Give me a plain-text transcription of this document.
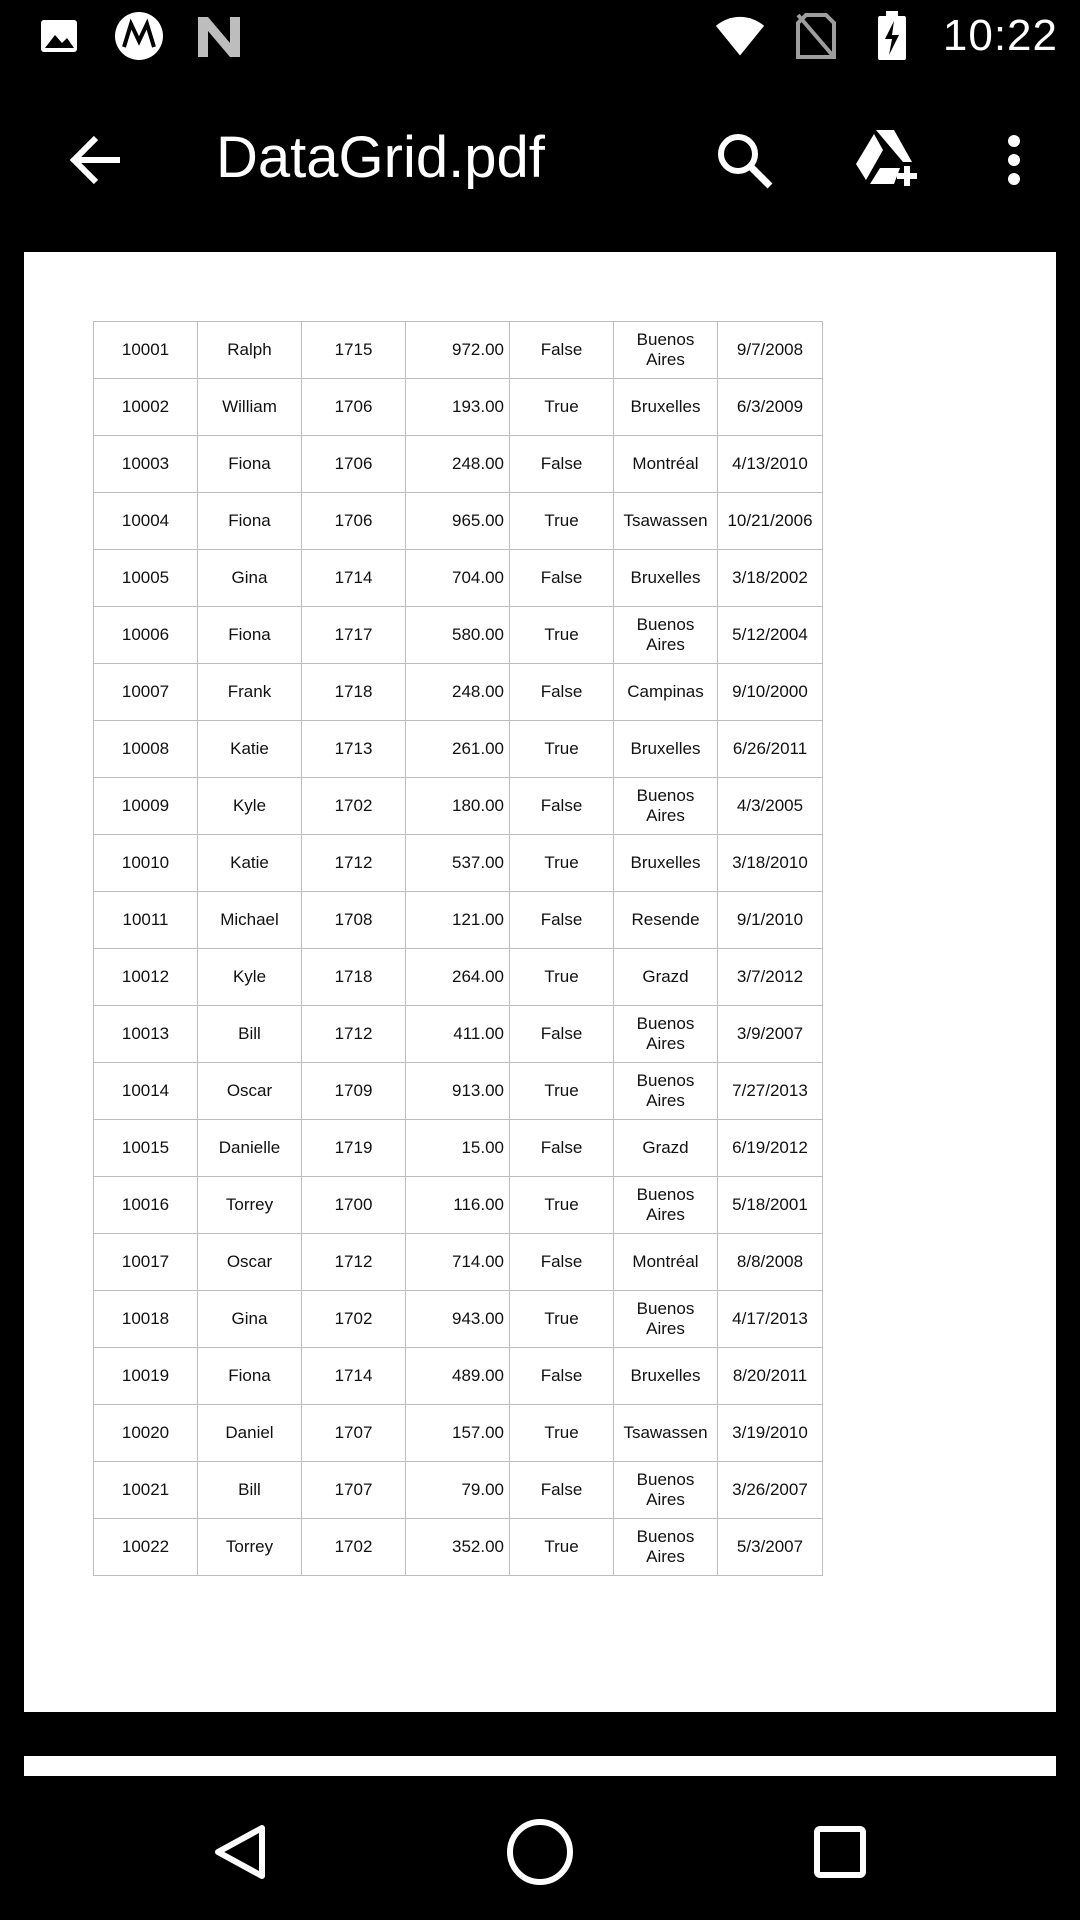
10:22
DataGrid.pdf
10001	Ralph	1715	972.00	False	Buenos Aires	9/7/2008
10002	William	1706	193.00	True	Bruxelles	6/3/2009
10003	Fiona	1706	248.00	False	Montréal	4/13/2010
10004	Fiona	1706	965.00	True	Tsawassen	10/21/2006
10005	Gina	1714	704.00	False	Bruxelles	3/18/2002
10006	Fiona	1717	580.00	True	Buenos Aires	5/12/2004
10007	Frank	1718	248.00	False	Campinas	9/10/2000
10008	Katie	1713	261.00	True	Bruxelles	6/26/2011
10009	Kyle	1702	180.00	False	Buenos Aires	4/3/2005
10010	Katie	1712	537.00	True	Bruxelles	3/18/2010
10011	Michael	1708	121.00	False	Resende	9/1/2010
10012	Kyle	1718	264.00	True	Grazd	3/7/2012
10013	Bill	1712	411.00	False	Buenos Aires	3/9/2007
10014	Oscar	1709	913.00	True	Buenos Aires	7/27/2013
10015	Danielle	1719	15.00	False	Grazd	6/19/2012
10016	Torrey	1700	116.00	True	Buenos Aires	5/18/2001
10017	Oscar	1712	714.00	False	Montréal	8/8/2008
10018	Gina	1702	943.00	True	Buenos Aires	4/17/2013
10019	Fiona	1714	489.00	False	Bruxelles	8/20/2011
10020	Daniel	1707	157.00	True	Tsawassen	3/19/2010
10021	Bill	1707	79.00	False	Buenos Aires	3/26/2007
10022	Torrey	1702	352.00	True	Buenos Aires	5/3/2007
